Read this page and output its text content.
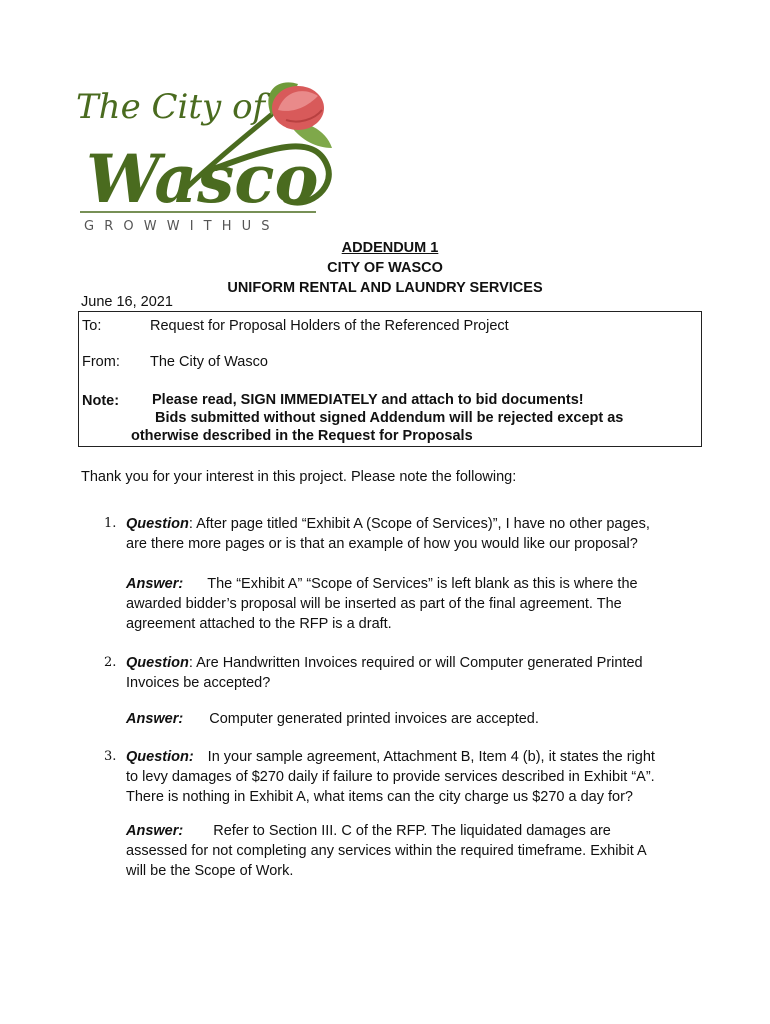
The City of
Wasco
G R O W W I T H U S
ADDENDUM 1
CITY OF WASCO
UNIFORM RENTAL AND LAUNDRY SERVICES
June 16, 2021
To:	Request for Proposal Holders of the Referenced Project
From:	The City of Wasco
Note:	Please read, SIGN IMMEDIATELY and attach to bid documents!
Bids submitted without signed Addendum will be rejected except as
otherwise described in the Request for Proposals
Thank you for your interest in this project. Please note the following:
1. Question: After page titled “Exhibit A (Scope of Services)”, I have no other pages,
are there more pages or is that an example of how you would like our proposal?
Answer: The “Exhibit A” “Scope of Services” is left blank as this is where the
awarded bidder’s proposal will be inserted as part of the final agreement. The
agreement attached to the RFP is a draft.
2. Question: Are Handwritten Invoices required or will Computer generated Printed
Invoices be accepted?
Answer: Computer generated printed invoices are accepted.
3. Question: In your sample agreement, Attachment B, Item 4 (b), it states the right
to levy damages of $270 daily if failure to provide services described in Exhibit “A”.
There is nothing in Exhibit A, what items can the city charge us $270 a day for?
Answer: Refer to Section III. C of the RFP. The liquidated damages are
assessed for not completing any services within the required timeframe. Exhibit A
will be the Scope of Work.
